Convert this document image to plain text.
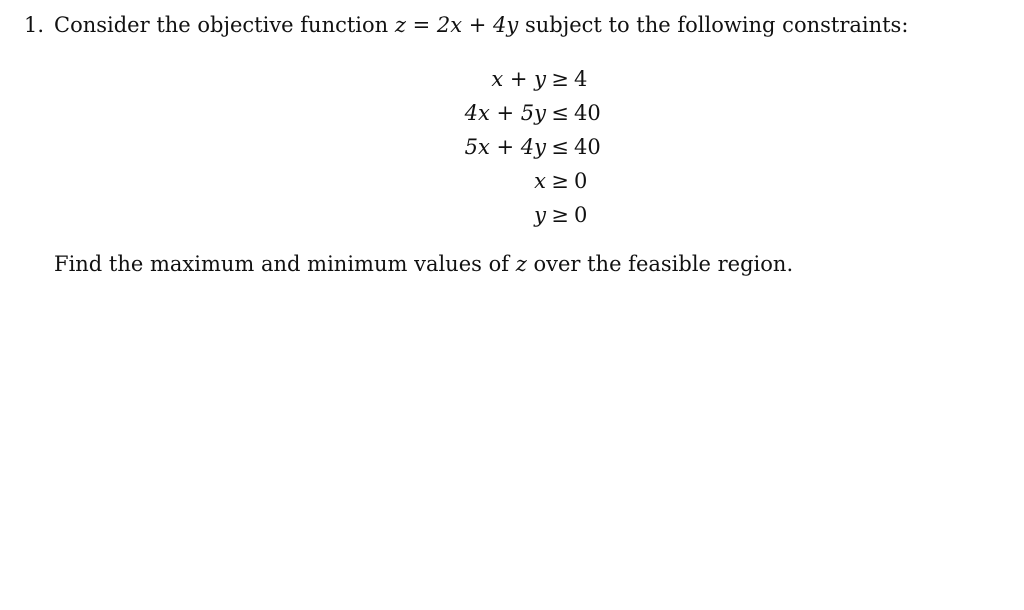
1. Consider the objective function z = 2x + 4y subject to the following constraints:
x + y ≥ 4
4x + 5y ≤ 40
5x + 4y ≤ 40
x ≥ 0
y ≥ 0
Find the maximum and minimum values of z over the feasible region.
